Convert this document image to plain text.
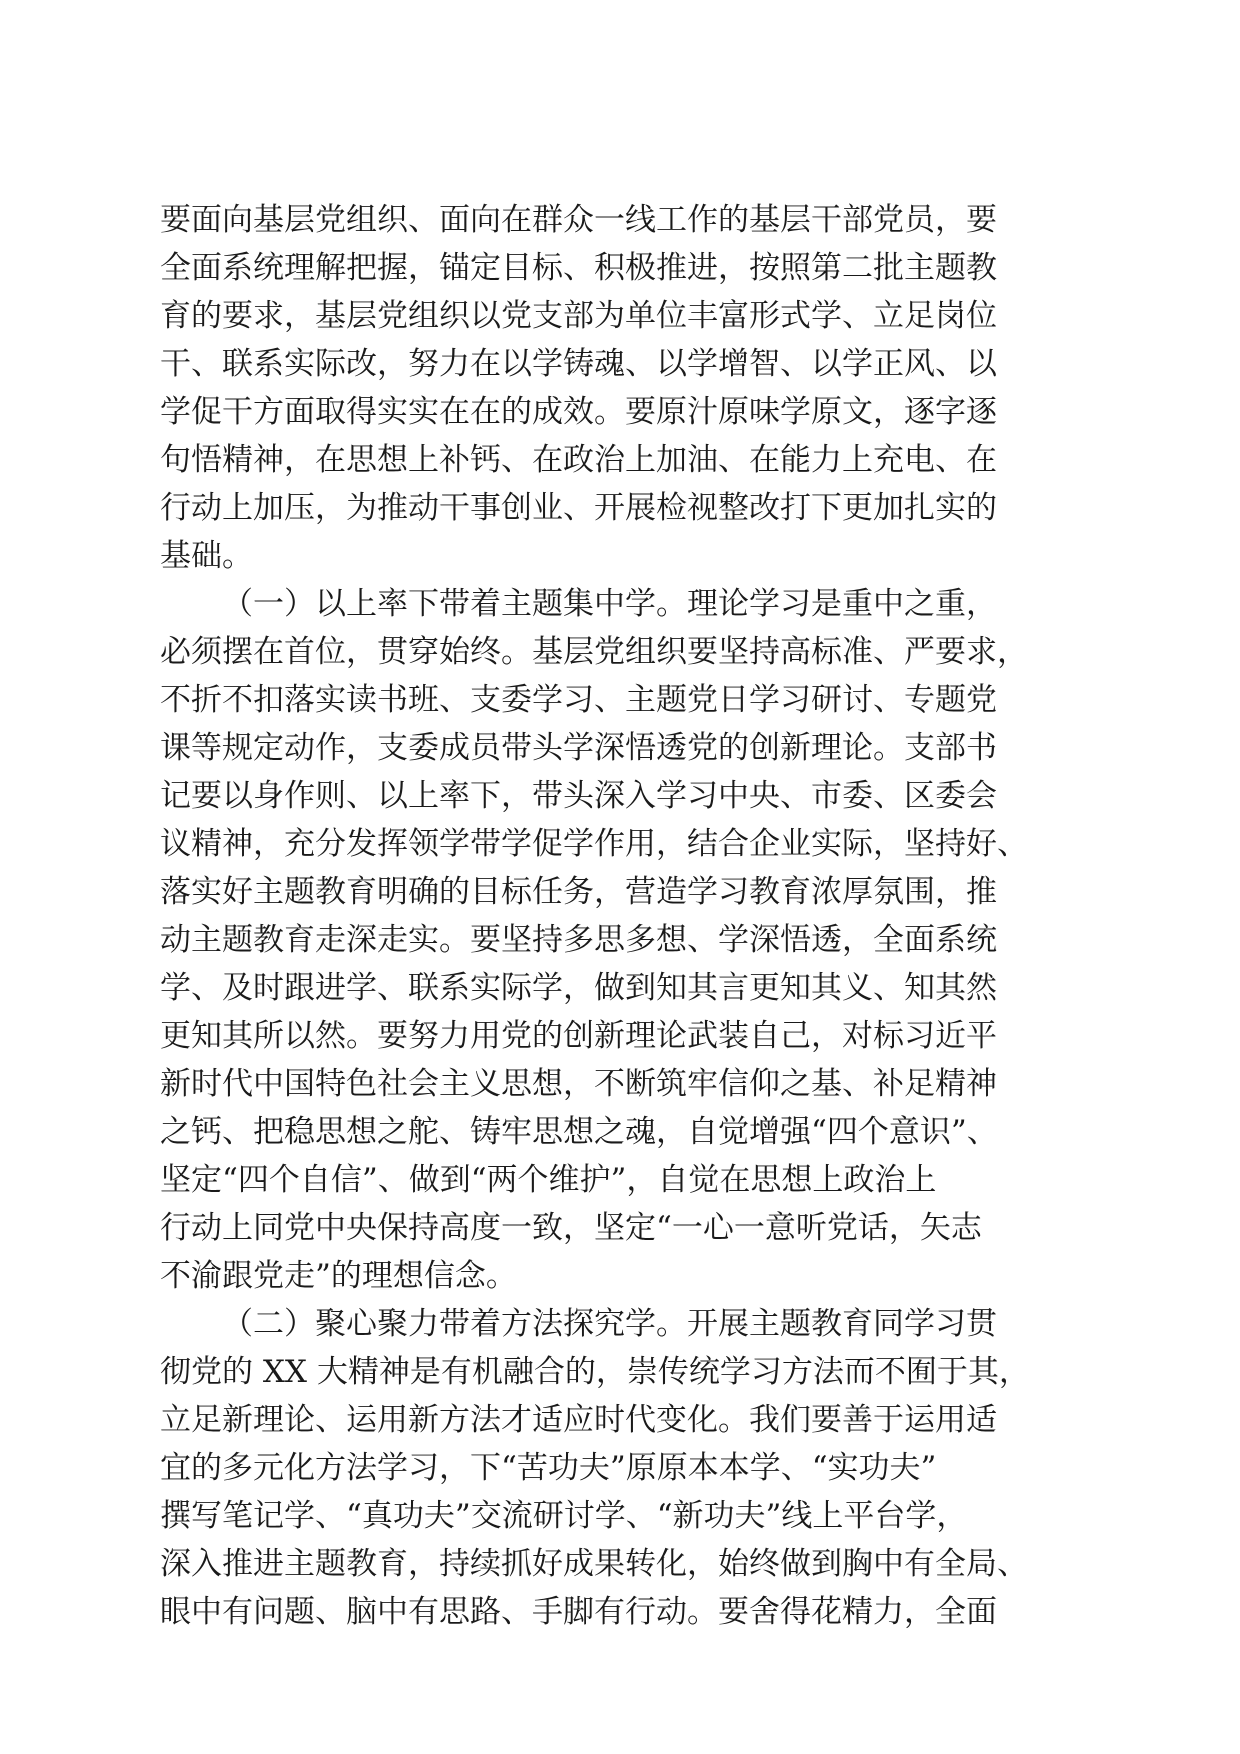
要面向基层党组织、面向在群众一线工作的基层干部党员，要
全面系统理解把握，锚定目标、积极推进，按照第二批主题教
育的要求，基层党组织以党支部为单位丰富形式学、立足岗位
干、联系实际改，努力在以学铸魂、以学增智、以学正风、以
学促干方面取得实实在在的成效。要原汁原味学原文，逐字逐
句悟精神，在思想上补钙、在政治上加油、在能力上充电、在
行动上加压，为推动干事创业、开展检视整改打下更加扎实的
基础。
（一）以上率下带着主题集中学。理论学习是重中之重，
必须摆在首位，贯穿始终。基层党组织要坚持高标准、严要求，
不折不扣落实读书班、支委学习、主题党日学习研讨、专题党
课等规定动作，支委成员带头学深悟透党的创新理论。支部书
记要以身作则、以上率下，带头深入学习中央、市委、区委会
议精神，充分发挥领学带学促学作用，结合企业实际，坚持好、
落实好主题教育明确的目标任务，营造学习教育浓厚氛围，推
动主题教育走深走实。要坚持多思多想、学深悟透，全面系统
学、及时跟进学、联系实际学，做到知其言更知其义、知其然
更知其所以然。要努力用党的创新理论武装自己，对标习近平
新时代中国特色社会主义思想，不断筑牢信仰之基、补足精神
之钙、把稳思想之舵、铸牢思想之魂，自觉增强“四个意识”、
坚定“四个自信”、做到“两个维护”，自觉在思想上政治上
行动上同党中央保持高度一致，坚定“一心一意听党话，矢志
不渝跟党走”的理想信念。
（二）聚心聚力带着方法探究学。开展主题教育同学习贯
彻党的 XX 大精神是有机融合的，崇传统学习方法而不囿于其，
立足新理论、运用新方法才适应时代变化。我们要善于运用适
宜的多元化方法学习，下“苦功夫”原原本本学、“实功夫”
撰写笔记学、“真功夫”交流研讨学、“新功夫”线上平台学，
深入推进主题教育，持续抓好成果转化，始终做到胸中有全局、
眼中有问题、脑中有思路、手脚有行动。要舍得花精力，全面
